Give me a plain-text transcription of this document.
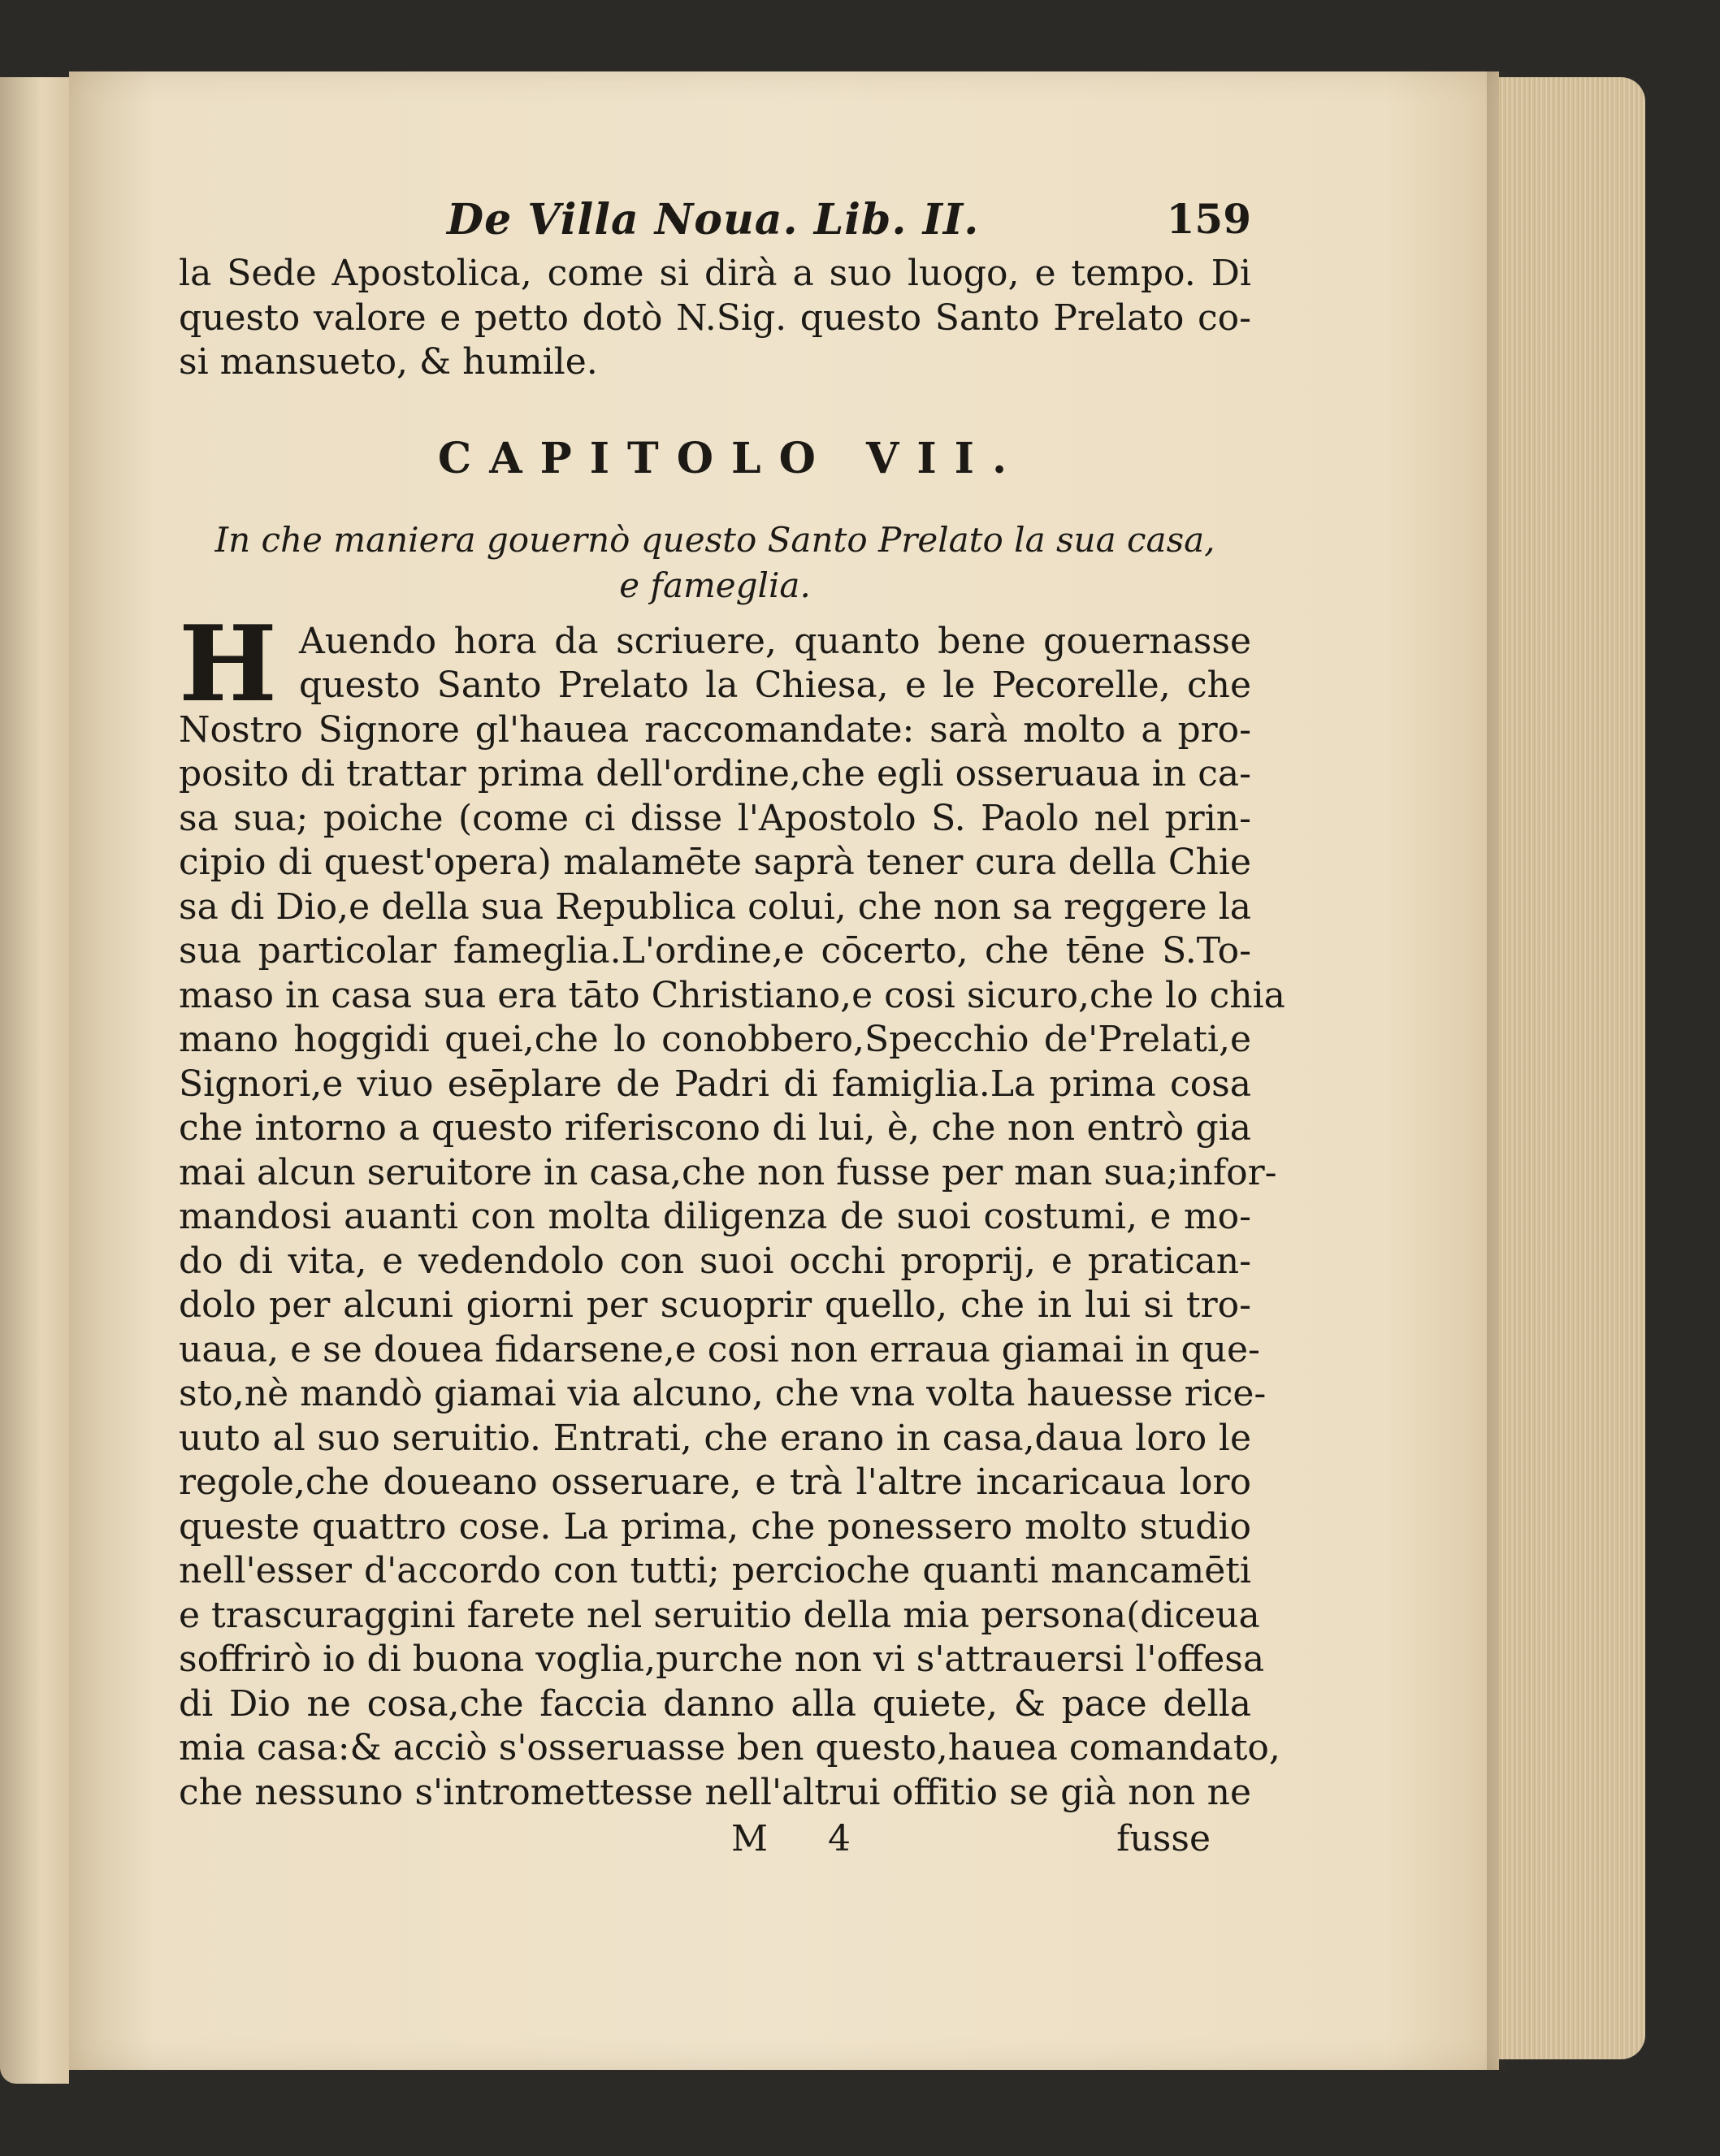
De Villa Noua. Lib. II.	159
la Sede Apostolica, come si dirà a suo luogo, e tempo. Di
questo valore e petto dotò N.Sig. questo Santo Prelato co-
si mansueto, & humile.
CAPITOLO VII.
In che maniera gouernò questo Santo Prelato la sua casa,
e fameglia.
H Auendo hora da scriuere, quanto bene gouernasse
questo Santo Prelato la Chiesa, e le Pecorelle, che
Nostro Signore gl'hauea raccomandate: sarà molto a pro-
posito di trattar prima dell'ordine,che egli osseruaua in ca-
sa sua; poiche (come ci disse l'Apostolo S. Paolo nel prin-
cipio di quest'opera) malamēte saprà tener cura della Chie
sa di Dio,e della sua Republica colui, che non sa reggere la
sua particolar fameglia.L'ordine,e cōcerto, che tēne S.To-
maso in casa sua era tāto Christiano,e cosi sicuro,che lo chia
mano hoggidi quei,che lo conobbero,Specchio de'Prelati,e
Signori,e viuo esēplare de Padri di famiglia.La prima cosa
che intorno a questo riferiscono di lui, è, che non entrò gia
mai alcun seruitore in casa,che non fusse per man sua;infor-
mandosi auanti con molta diligenza de suoi costumi, e mo-
do di vita, e vedendolo con suoi occhi proprij, e pratican-
dolo per alcuni giorni per scuoprir quello, che in lui si tro-
uaua, e se douea fidarsene,e cosi non erraua giamai in que-
sto,nè mandò giamai via alcuno, che vna volta hauesse rice-
uuto al suo seruitio. Entrati, che erano in casa,daua loro le
regole,che doueano osseruare, e trà l'altre incaricaua loro
queste quattro cose. La prima, che ponessero molto studio
nell'esser d'accordo con tutti; percioche quanti mancamēti
e trascuraggini farete nel seruitio della mia persona(diceua
soffrirò io di buona voglia,purche non vi s'attrauersi l'offesa
di Dio ne cosa,che faccia danno alla quiete, & pace della
mia casa:& acciò s'osseruasse ben questo,hauea comandato,
che nessuno s'intromettesse nell'altrui offitio se già non ne
M 4	fusse
